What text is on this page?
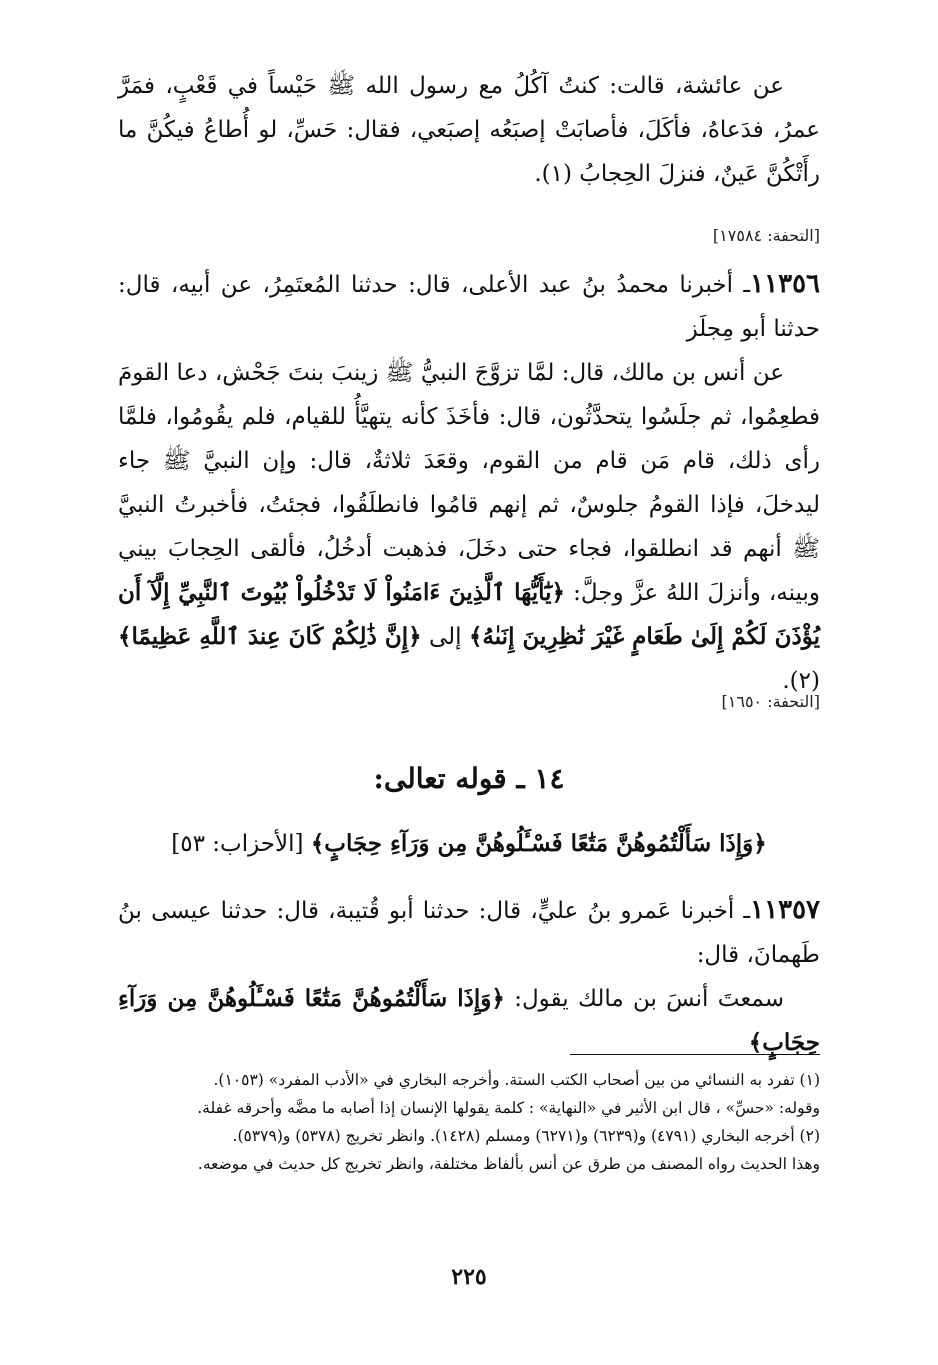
عن عائشة، قالت: كنتُ آكُلُ مع رسول الله ﷺ حَيْساً في قَعْبٍ، فمَرَّ عمرُ، فدَعاهُ، فأكَلَ، فأصابَتْ إصبَعُه إصبَعي، فقال: حَسِّ، لو أُطاعُ فيكُنَّ ما رأَتْكُنَّ عَينٌ، فنزلَ الحِجابُ (١).

[التحفة: ١٧٥٨٤]

١١٣٥٦ـ أخبرنا محمدُ بنُ عبد الأعلى، قال: حدثنا المُعتَمِرُ، عن أبيه، قال: حدثنا أبو مِجلَز

عن أنس بن مالك، قال: لمَّا تزوَّجَ النبيُّ ﷺ زينبَ بنتَ جَحْش، دعا القومَ فطعِمُوا، ثم جلَسُوا يتحدَّثُون، قال: فأخَذَ كأنه يتهيَّأُ للقيام، فلم يقُومُوا، فلمَّا رأى ذلك، قام مَن قام من القوم، وقعَدَ ثلاثةٌ، قال: وإن النبيَّ ﷺ جاء ليدخلَ، فإذا القومُ جلوسٌ، ثم إنهم قامُوا فانطلَقُوا، فجئتُ، فأخبرتُ النبيَّ ﷺ أنهم قد انطلقوا، فجاء حتى دخَلَ، فذهبت أدخُلُ، فألقى الحِجابَ بيني وبينه، وأنزلَ اللهُ عزَّ وجلَّ: ﴿يَٰٓأَيُّهَا ٱلَّذِينَ ءَامَنُواْ لَا تَدْخُلُواْ بُيُوتَ ٱلنَّبِيِّ إِلَّآ أَن يُؤْذَنَ لَكُمْ إِلَىٰ طَعَامٍ غَيْرَ نَٰظِرِينَ إِنَىٰهُ﴾ إلى ﴿إِنَّ ذَٰلِكُمْ كَانَ عِندَ ٱللَّهِ عَظِيمًا﴾(٢).

[التحفة: ١٦٥٠]
١٤ ـ قوله تعالى:
﴿وَإِذَا سَأَلْتُمُوهُنَّ مَتَٰعًا فَسْـَٔلُوهُنَّ مِن وَرَآءِ حِجَابٍ﴾ [الأحزاب: ٥٣]

١١٣٥٧ـ أخبرنا عَمرو بنُ عليٍّ، قال: حدثنا أبو قُتيبة، قال: حدثنا عيسى بنُ طَهمانَ، قال:

سمعتَ أنسَ بن مالك يقول: ﴿وَإِذَا سَأَلْتُمُوهُنَّ مَتَٰعًا فَسْـَٔلُوهُنَّ مِن وَرَآءِ حِجَابٍ﴾

(١) تفرد به النسائي من بين أصحاب الكتب الستة. وأخرجه البخاري في «الأدب المفرد» (١٠٥٣).
وقوله: «حسِّ» ، قال ابن الأثير في «النهاية» : كلمة يقولها الإنسان إذا أصابه ما مضَّه وأحرقه غفلة.
(٢) أخرجه البخاري (٤٧٩١) و(٦٢٣٩) و(٦٢٧١) ومسلم (١٤٢٨). وانظر تخريج (٥٣٧٨) و(٥٣٧٩).
وهذا الحديث رواه المصنف من طرق عن أنس بألفاظ مختلفة، وانظر تخريج كل حديث في موضعه.
٢٢٥
